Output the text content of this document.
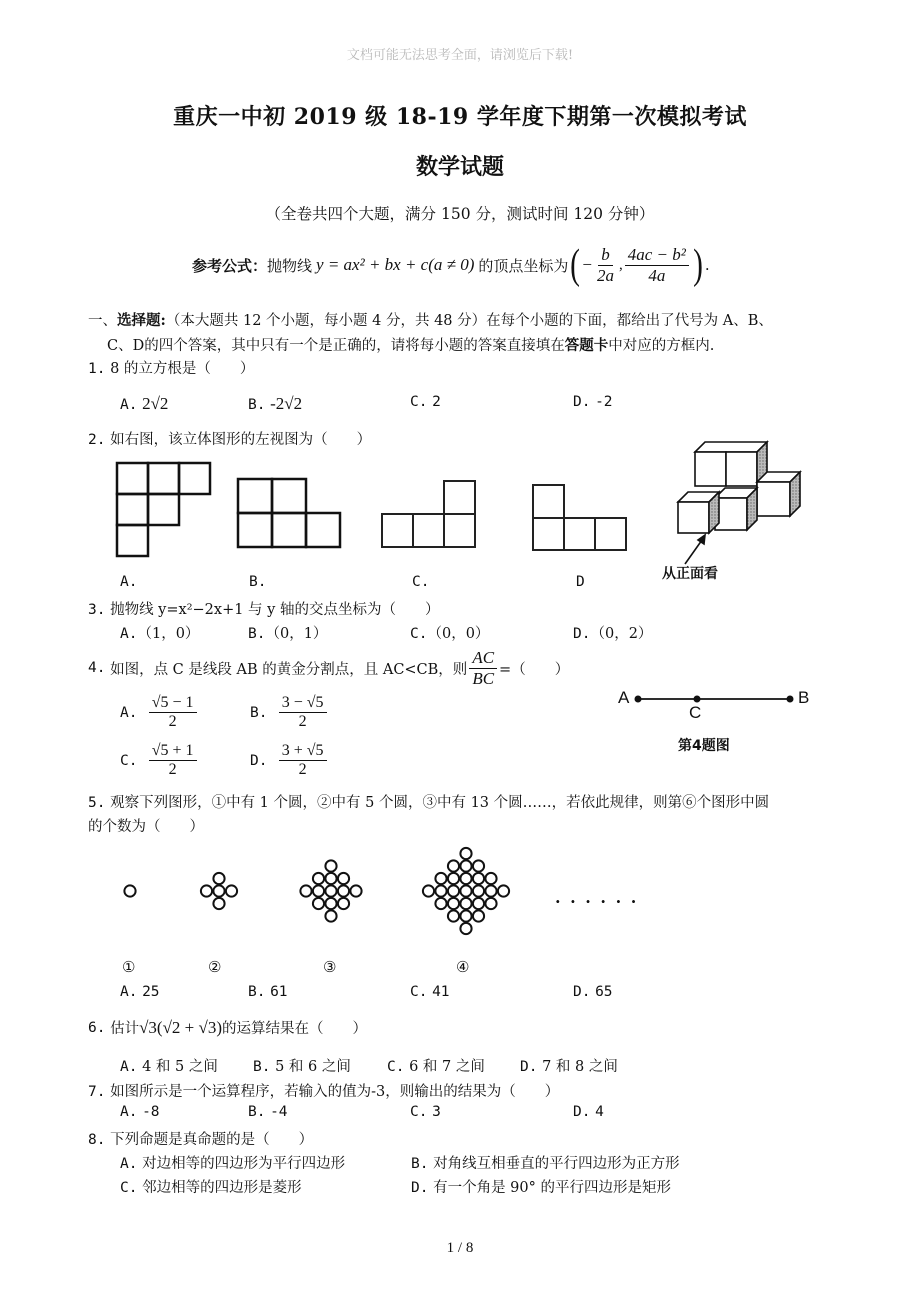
文档可能无法思考全面，请浏览后下载!
重庆一中初 2019 级 18-19 学年度下期第一次模拟考试
数学试题
（全卷共四个大题，满分 150 分，测试时间 120 分钟）
参考公式： 抛物线 y = ax² + bx + c(a ≠ 0) 的顶点坐标为 ( − $\frac{b}{2a}$ , $\frac{\text{4ac − b²}}{4a}$ ) .
一、选择题:（本大题共 12 个小题，每小题 4 分，共 48 分）在每个小题的下面，都给出了代号为 A、B、
C、D的四个答案，其中只有一个是正确的，请将每小题的答案直接填在答题卡中对应的方框内.
1. 8 的立方根是（　　）
A. 2√2	B. -2√2	C. 2	D. -2
2. 如右图，该立体图形的左视图为（　　）
从正面看
A.	B.	C.	D
3. 抛物线 y=x²−2x+1 与 y 轴的交点坐标为（　　）
A.（1，0）	B.（0，1）	C.（0，0）	D.（0，2）
4.
如图，点 C 是线段 AB 的黄金分割点，且 AC<CB，则 $\frac{AC}{BC}$ =（　　）
A.
$\frac{√5 - 1}{2}$	B.
$\frac{3 - √5}{2}$
C.
$\frac{√5 + 1}{2}$	D.
$\frac{3 + √5}{2}$
A	B
C
第4题图
5. 观察下列图形，①中有 1 个圆，②中有 5 个圆，③中有 13 个圆……，若依此规律，则第⑥个图形中圆
的个数为（　　）
①	②	③	④
· · · · · ·
A. 25	B. 61	C. 41	D. 65
6.
估计 √3(√2 + √3) 的运算结果在（　　）
A. 4 和 5 之间 B. 5 和 6 之间 C. 6 和 7 之间 D. 7 和 8 之间
7. 如图所示是一个运算程序，若输入的值为-3，则输出的结果为（　　）
A. -8	B. -4	C. 3	D. 4
8. 下列命题是真命题的是（　　）
A. 对边相等的四边形为平行四边形	B. 对角线互相垂直的平行四边形为正方形
C. 邻边相等的四边形是菱形	D. 有一个角是 90° 的平行四边形是矩形
1 / 8
